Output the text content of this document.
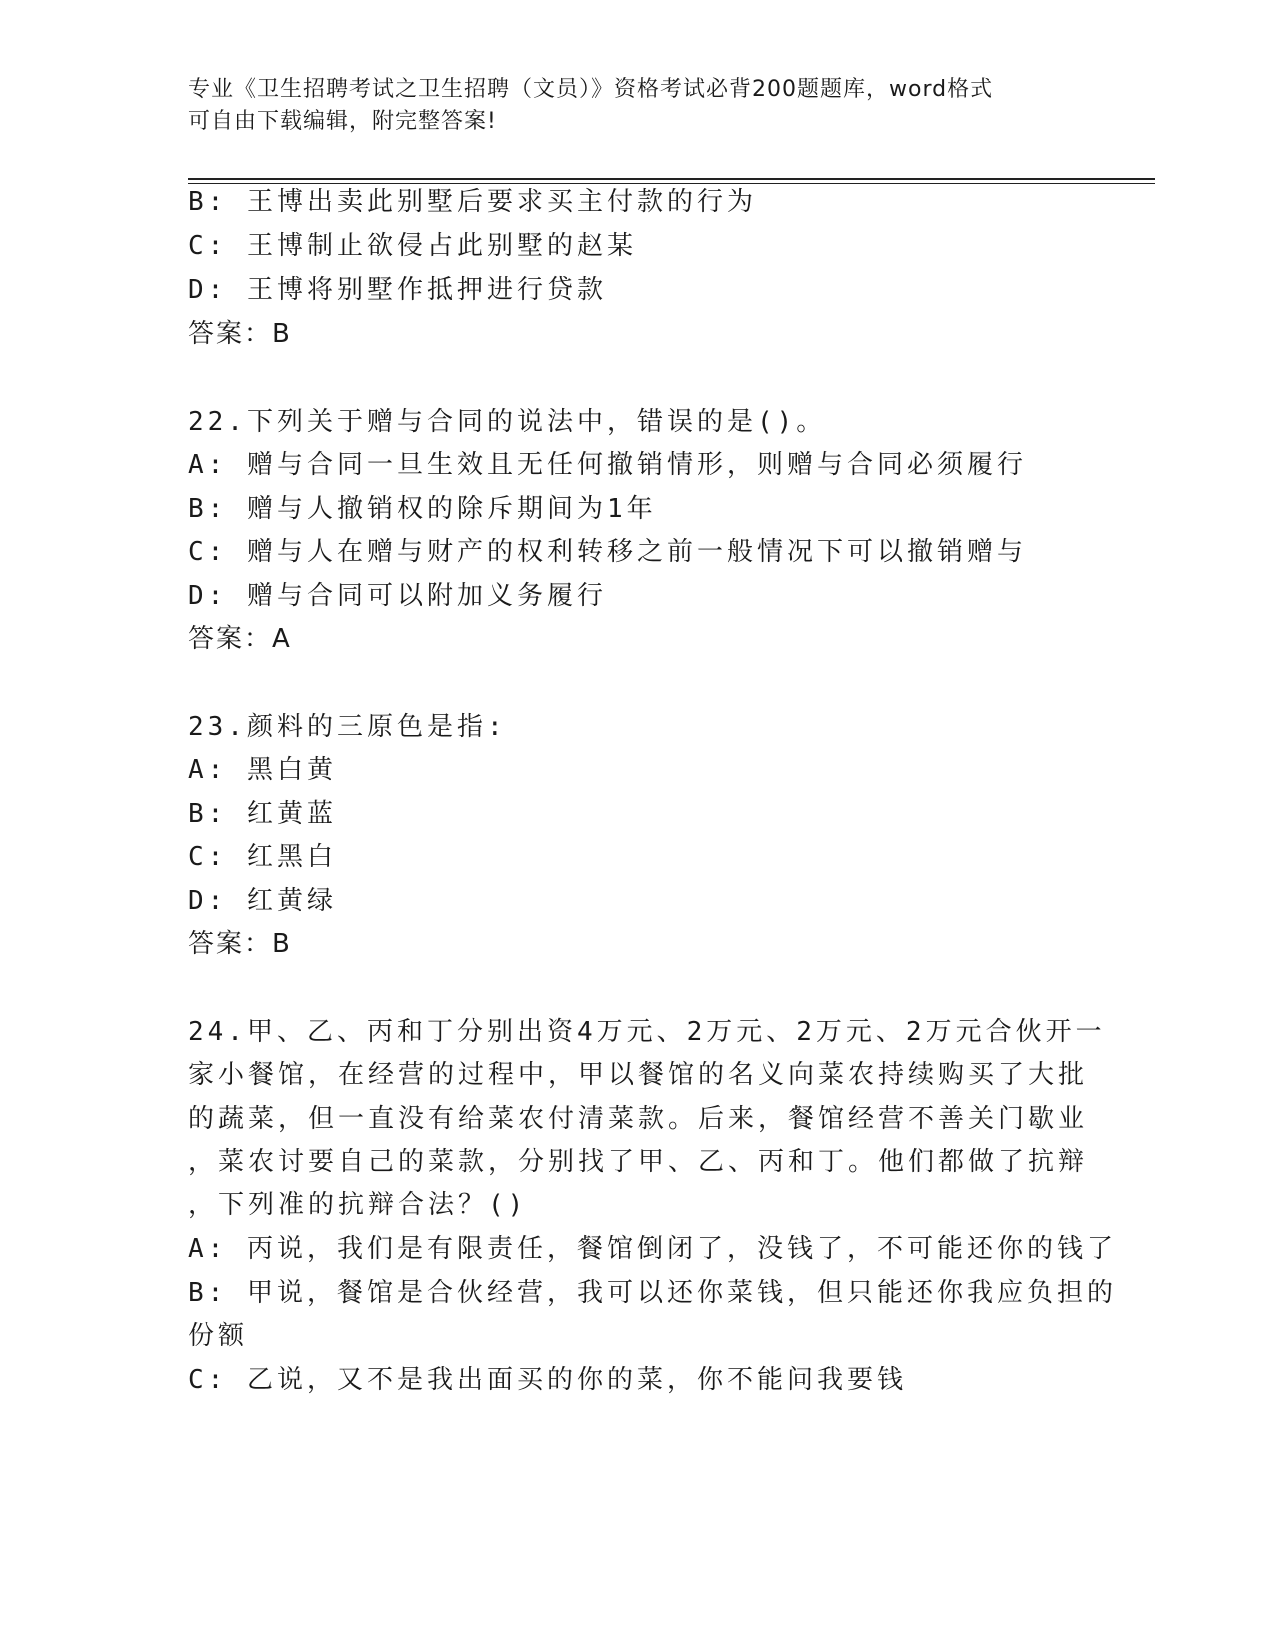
专业《卫生招聘考试之卫生招聘（文员）》资格考试必背200题题库，word格式
可自由下载编辑，附完整答案!
B: 王博出卖此别墅后要求买主付款的行为
C: 王博制止欲侵占此别墅的赵某
D: 王博将别墅作抵押进行贷款
答案：B
22.下列关于赠与合同的说法中，错误的是()。
A: 赠与合同一旦生效且无任何撤销情形，则赠与合同必须履行
B: 赠与人撤销权的除斥期间为1年
C: 赠与人在赠与财产的权利转移之前一般情况下可以撤销赠与
D: 赠与合同可以附加义务履行
答案：A
23.颜料的三原色是指:
A: 黑白黄
B: 红黄蓝
C: 红黑白
D: 红黄绿
答案：B
24.甲、乙、丙和丁分别出资4万元、2万元、2万元、2万元合伙开一
家小餐馆，在经营的过程中，甲以餐馆的名义向菜农持续购买了大批
的蔬菜，但一直没有给菜农付清菜款。后来，餐馆经营不善关门歇业
，菜农讨要自己的菜款，分别找了甲、乙、丙和丁。他们都做了抗辩
，下列准的抗辩合法？()
A: 丙说，我们是有限责任，餐馆倒闭了，没钱了，不可能还你的钱了
B: 甲说，餐馆是合伙经营，我可以还你菜钱，但只能还你我应负担的
份额
C: 乙说，又不是我出面买的你的菜，你不能问我要钱
